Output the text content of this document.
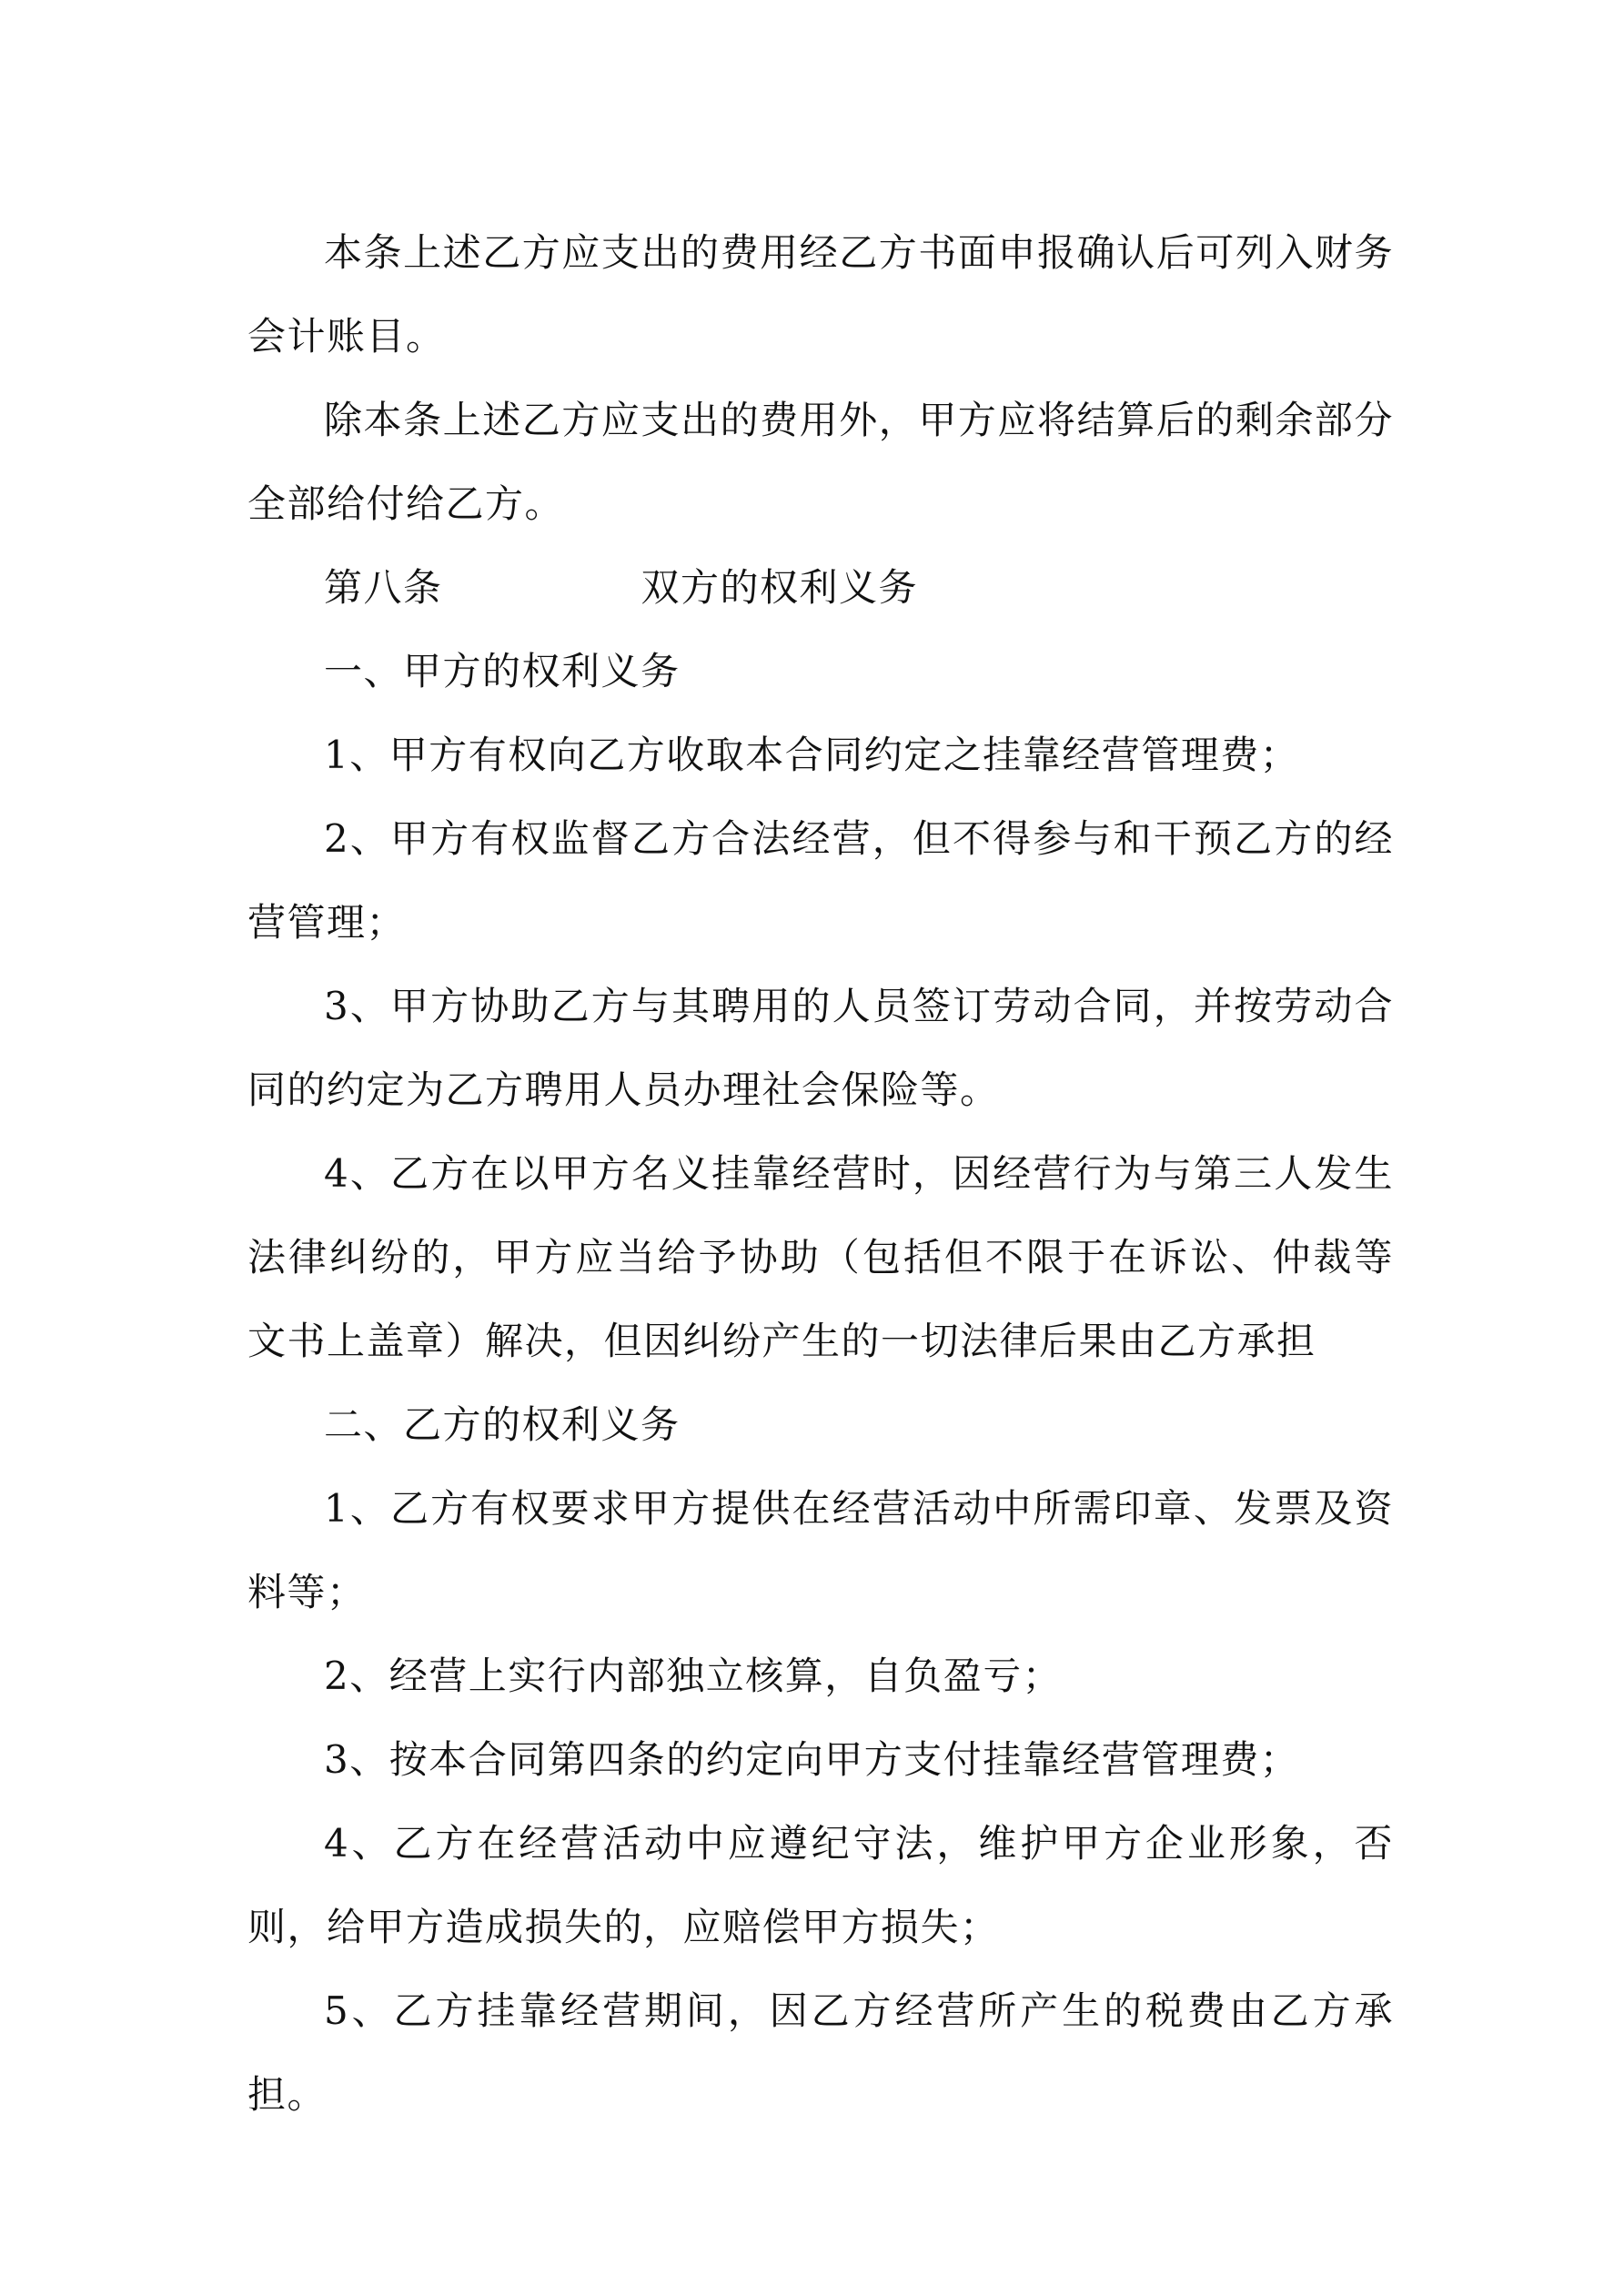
本条上述乙方应支出的费用经乙方书面申报确认后可列入财务会计账目。

除本条上述乙方应支出的费用外，甲方应将结算后的剩余部分全部给付给乙方。

第八条	双方的权利义务

一、甲方的权利义务

1、甲方有权向乙方收取本合同约定之挂靠经营管理费；

2、甲方有权监督乙方合法经营，但不得参与和干预乙方的经营管理；

3、甲方协助乙方与其聘用的人员签订劳动合同，并按劳动合同的约定为乙方聘用人员办理社会保险等。

4、乙方在以甲方名义挂靠经营时，因经营行为与第三人发生法律纠纷的，甲方应当给予协助（包括但不限于在诉讼、仲裁等文书上盖章）解决，但因纠纷产生的一切法律后果由乙方承担

二、乙方的权利义务

1、乙方有权要求甲方提供在经营活动中所需印章、发票及资料等；

2、经营上实行内部独立核算，自负盈亏；

3、按本合同第四条的约定向甲方支付挂靠经营管理费；

4、乙方在经营活动中应遵纪守法，维护甲方企业形象，否则，给甲方造成损失的，应赔偿甲方损失；

5、乙方挂靠经营期间，因乙方经营所产生的税费由乙方承担。
